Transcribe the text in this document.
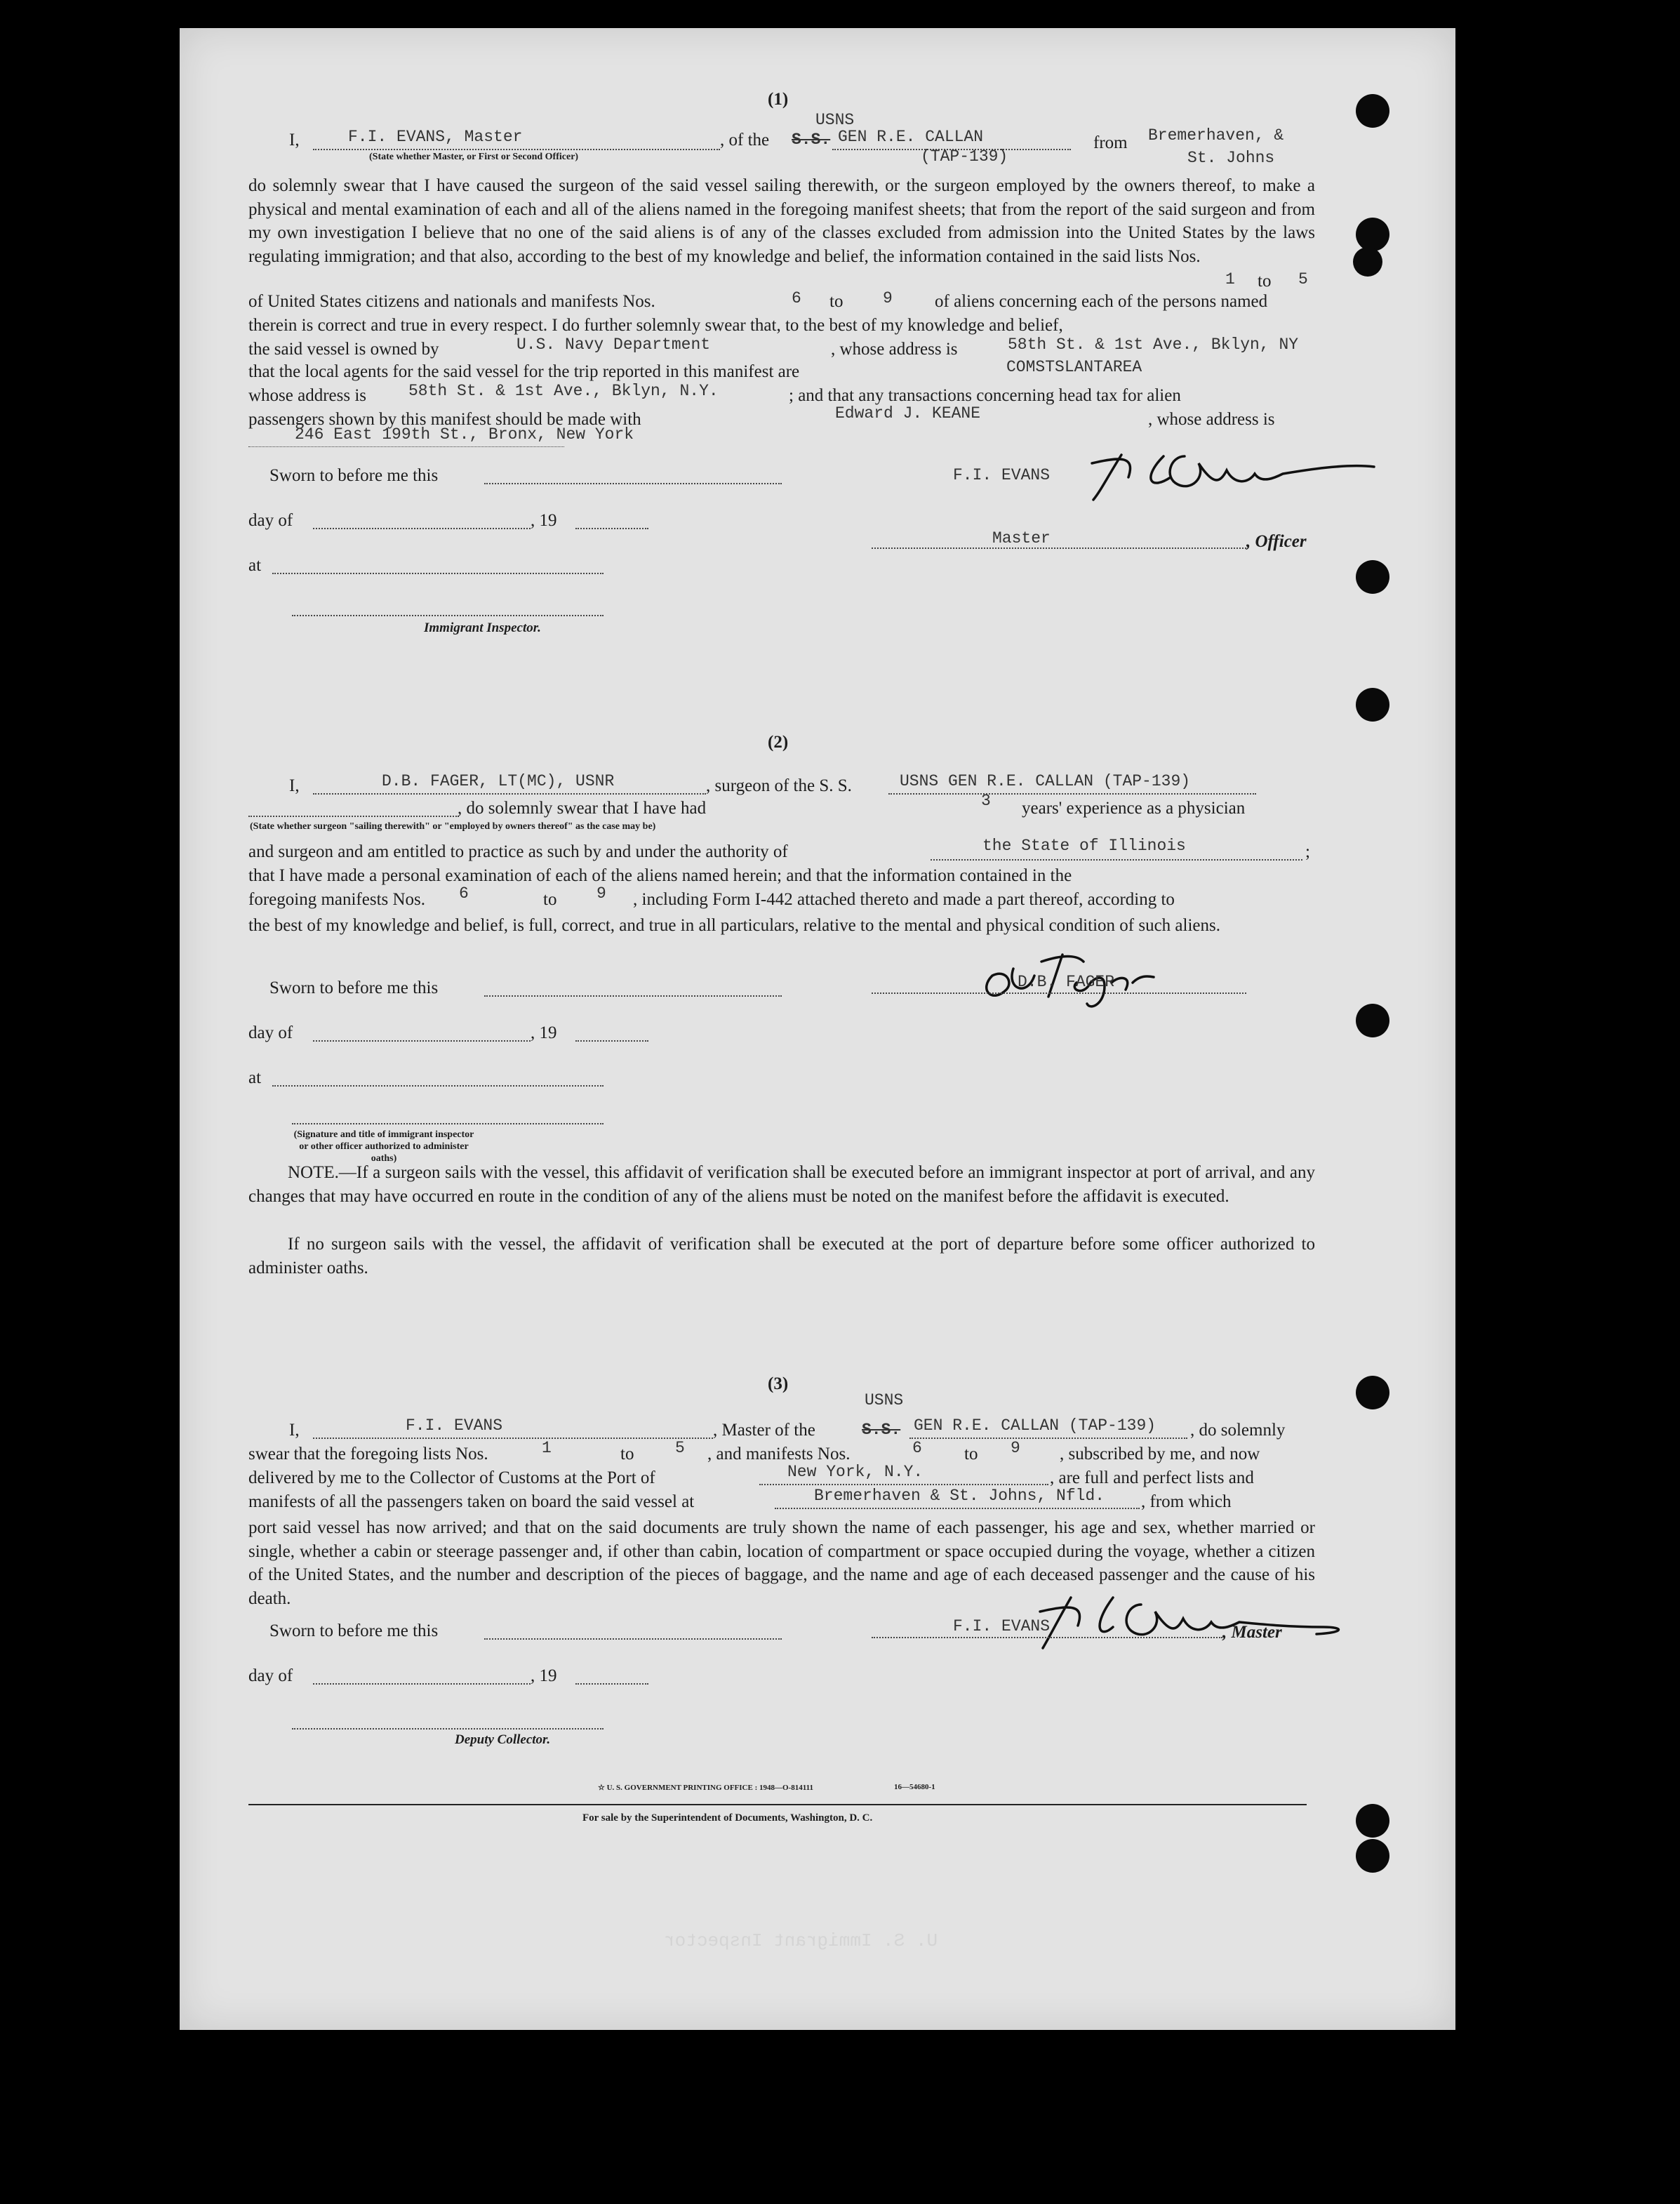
(1)
USNS
I,	F.I. EVANS, Master
(State whether Master, or First or Second Officer)
, of the S.S. GEN R.E. CALLAN
(TAP-139)
from Bremerhaven, &
St. Johns
do solemnly swear that I have caused the surgeon of the said vessel sailing therewith, or the surgeon employed by the owners thereof, to make a physical and mental examination of each and all of the aliens named in the foregoing manifest sheets; that from the report of the said surgeon and from my own investigation I believe that no one of the said aliens is of any of the classes excluded from admission into the United States by the laws regulating immigration; and that also, according to the best of my knowledge and belief, the information contained in the said lists Nos.
1 to 5
of United States citizens and nationals and manifests Nos.	6 to 9 of aliens concerning each of the persons named
therein is correct and true in every respect. I do further solemnly swear that, to the best of my knowledge and belief,
the said vessel is owned by	U.S. Navy Department	, whose address is	58th St. & 1st Ave., Bklyn, NY
that the local agents for the said vessel for the trip reported in this manifest are	COMSTSLANTAREA
whose address is	58th St. & 1st Ave., Bklyn, N.Y.	; and that any transactions concerning head tax for alien
passengers shown by this manifest should be made with	Edward J. KEANE	, whose address is
246 East 199th St., Bronx, New York
Sworn to before me this	F.I. EVANS
day of	, 19
Master	, Officer
at
Immigrant Inspector.
(2)
I,	D.B. FAGER, LT(MC), USNR	, surgeon of the S. S.	USNS GEN R.E. CALLAN (TAP-139)
, do solemnly swear that I have had	3 years' experience as a physician
(State whether surgeon "sailing therewith" or "employed by owners thereof" as the case may be)
and surgeon and am entitled to practice as such by and under the authority of	the State of Illinois	;
that I have made a personal examination of each of the aliens named herein; and that the information contained in the
foregoing manifests Nos. 6	to 9 , including Form I-442 attached thereto and made a part thereof, according to
the best of my knowledge and belief, is full, correct, and true in all particulars, relative to the mental and physical condition of such aliens.
Sworn to before me this	D.B. FAGER
day of	, 19
at
(Signature and title of immigrant inspector or other officer authorized to administer oaths)
NOTE.—If a surgeon sails with the vessel, this affidavit of verification shall be executed before an immigrant inspector at port of arrival, and any changes that may have occurred en route in the condition of any of the aliens must be noted on the manifest before the affidavit is executed.
If no surgeon sails with the vessel, the affidavit of verification shall be executed at the port of departure before some officer authorized to administer oaths.
(3)
USNS
I,	F.I. EVANS	, Master of the	S.S. GEN R.E. CALLAN (TAP-139) , do solemnly
swear that the foregoing lists Nos.	1	to	5 , and manifests Nos.	6 to 9 , subscribed by me, and now
delivered by me to the Collector of Customs at the Port of	New York, N.Y.	, are full and perfect lists and
manifests of all the passengers taken on board the said vessel at	Bremerhaven & St. Johns, Nfld. , from which
port said vessel has now arrived; and that on the said documents are truly shown the name of each passenger, his age and sex, whether married or single, whether a cabin or steerage passenger and, if other than cabin, location of compartment or space occupied during the voyage, whether a citizen of the United States, and the number and description of the pieces of baggage, and the name and age of each deceased passenger and the cause of his death.
Sworn to before me this	F.I. EVANS	, Master
day of	, 19
Deputy Collector.
☆ U. S. GOVERNMENT PRINTING OFFICE : 1948—O-814111	16—54680-1
For sale by the Superintendent of Documents, Washington, D. C.
U. S. Immigrant Inspector
